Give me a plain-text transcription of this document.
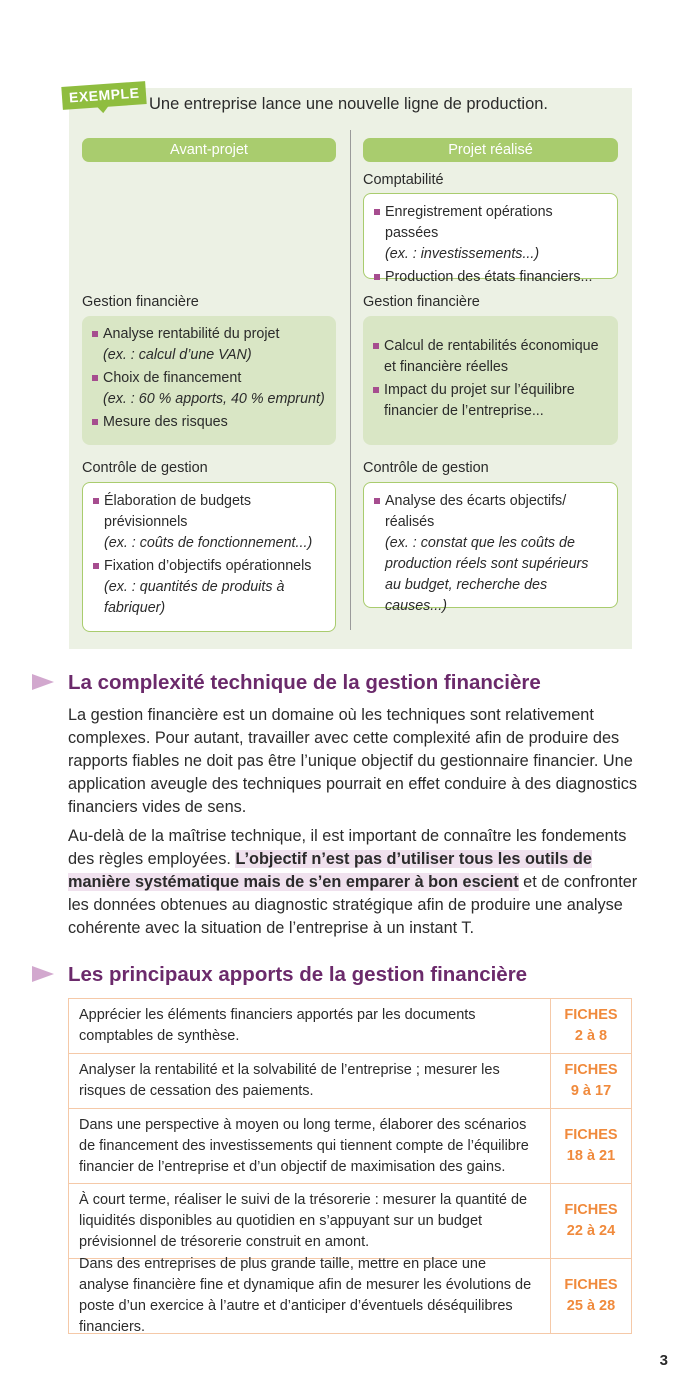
EXEMPLE Une entreprise lance une nouvelle ligne de production.
Avant-projet	Projet réalisé
Comptabilité
Enregistrement opérations passées
(ex. : investissements...)
Production des états financiers...
Gestion financière
Analyse rentabilité du projet
(ex. : calcul d’une VAN)
Choix de financement
(ex. : 60 % apports, 40 % emprunt)
Mesure des risques
Gestion financière
Calcul de rentabilités économique et financière réelles
Impact du projet sur l’équilibre financier de l’entreprise...
Contrôle de gestion
Élaboration de budgets prévisionnels
(ex. : coûts de fonctionnement...)
Fixation d’objectifs opérationnels
(ex. : quantités de produits à fabriquer)
Contrôle de gestion
Analyse des écarts objectifs/ réalisés
(ex. : constat que les coûts de production réels sont supérieurs au budget, recherche des causes...)
La complexité technique de la gestion financière
La gestion financière est un domaine où les techniques sont relativement complexes. Pour autant, travailler avec cette complexité afin de produire des rapports fiables ne doit pas être l’unique objectif du gestionnaire financier. Une application aveugle des techniques pourrait en effet conduire à des diagnostics financiers vides de sens.
Au-delà de la maîtrise technique, il est important de connaître les fondements des règles employées. L’objectif n’est pas d’utiliser tous les outils de manière systématique mais de s’en emparer à bon escient et de confronter les données obtenues au diagnostic stratégique afin de produire une analyse cohérente avec la situation de l’entreprise à un instant T.
Les principaux apports de la gestion financière
Apprécier les éléments financiers apportés par les documents comptables de synthèse.
FICHES
2 à 8
Analyser la rentabilité et la solvabilité de l’entreprise ; mesurer les risques de cessation des paiements.
FICHES
9 à 17
Dans une perspective à moyen ou long terme, élaborer des scénarios de financement des investissements qui tiennent compte de l’équilibre financier de l’entreprise et d’un objectif de maximisation des gains.
FICHES
18 à 21
À court terme, réaliser le suivi de la trésorerie : mesurer la quantité de liquidités disponibles au quotidien en s’appuyant sur un budget prévisionnel de trésorerie construit en amont.
FICHES
22 à 24
Dans des entreprises de plus grande taille, mettre en place une analyse financière fine et dynamique afin de mesurer les évolutions de poste d’un exercice à l’autre et d’anticiper d’éventuels déséquilibres financiers.
FICHES
25 à 28
3
